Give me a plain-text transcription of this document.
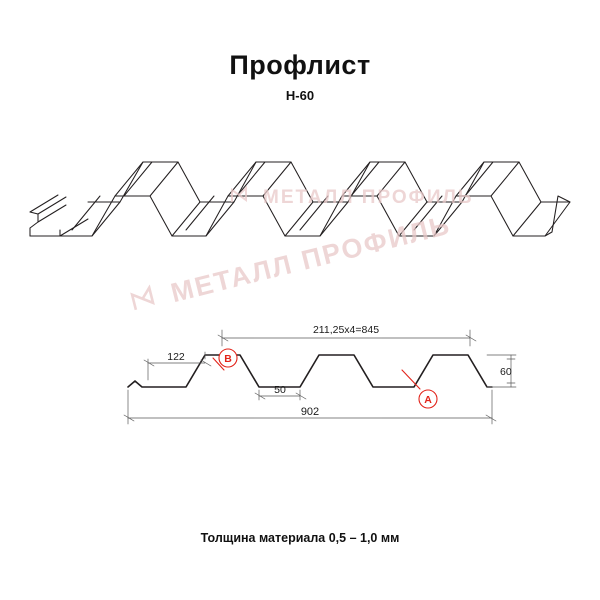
Профлист
Н-60
211,25х4=845
122
50
902
60
В
А
МЕТАЛЛ ПРОФИЛЬ
МЕТАЛЛ ПРОФИЛЬ
Толщина материала 0,5 – 1,0 мм
